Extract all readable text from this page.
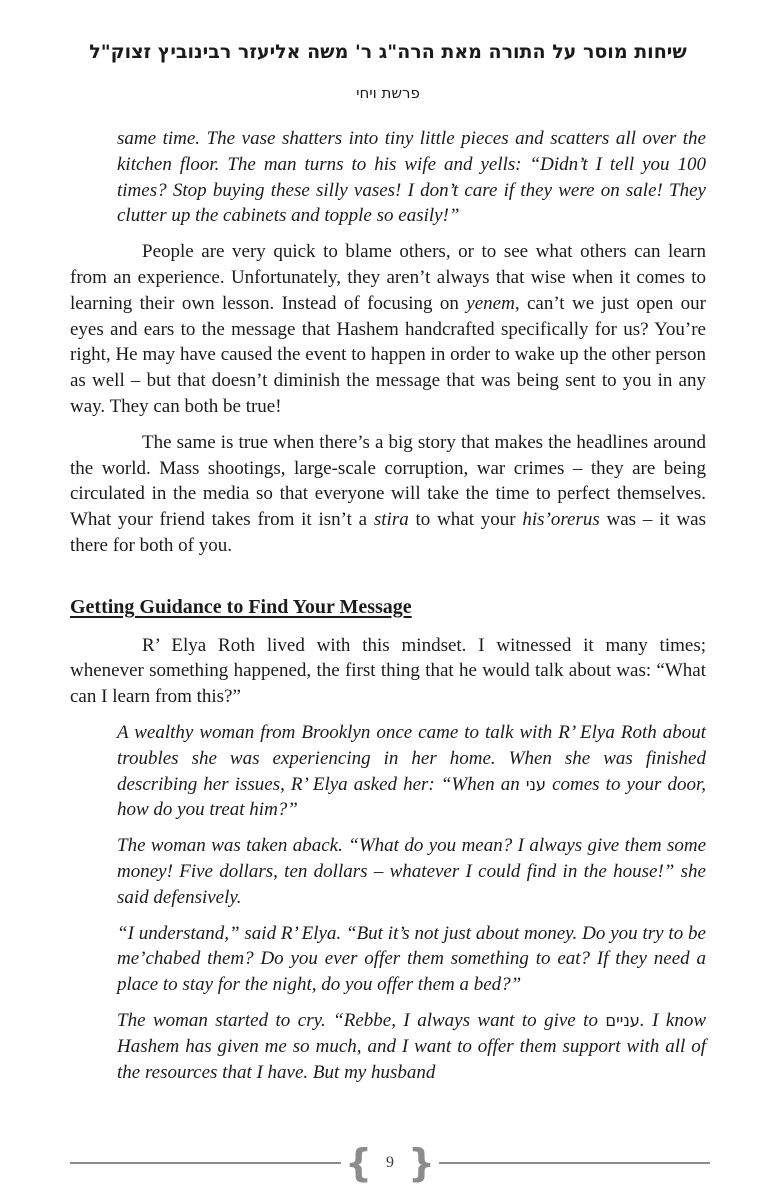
שיחות מוסר על התורה מאת הרה"ג ר' משה אליעזר רבינוביץ זצוק"ל
פרשת ויחי

same time. The vase shatters into tiny little pieces and scatters all over the kitchen floor. The man turns to his wife and yells: “Didn’t I tell you 100 times? Stop buying these silly vases! I don’t care if they were on sale! They clutter up the cabinets and topple so easily!”

People are very quick to blame others, or to see what others can learn from an experience. Unfortunately, they aren’t always that wise when it comes to learning their own lesson. Instead of focusing on yenem, can’t we just open our eyes and ears to the message that Hashem handcrafted specifically for us? You’re right, He may have caused the event to happen in order to wake up the other person as well – but that doesn’t diminish the message that was being sent to you in any way. They can both be true!

The same is true when there’s a big story that makes the headlines around the world. Mass shootings, large-scale corruption, war crimes – they are being circulated in the media so that everyone will take the time to perfect themselves. What your friend takes from it isn’t a stira to what your his’orerus was – it was there for both of you.

Getting Guidance to Find Your Message

R’ Elya Roth lived with this mindset. I witnessed it many times; whenever something happened, the first thing that he would talk about was: “What can I learn from this?”

A wealthy woman from Brooklyn once came to talk with R’ Elya Roth about troubles she was experiencing in her home. When she was finished describing her issues, R’ Elya asked her: “When an עני comes to your door, how do you treat him?”

The woman was taken aback. “What do you mean? I always give them some money! Five dollars, ten dollars – whatever I could find in the house!” she said defensively.

“I understand,” said R’ Elya. “But it’s not just about money. Do you try to be me’chabed them? Do you ever offer them something to eat? If they need a place to stay for the night, do you offer them a bed?”

The woman started to cry. “Rebbe, I always want to give to עניים. I know Hashem has given me so much, and I want to offer them support with all of the resources that I have. But my husband

{ 9 }
